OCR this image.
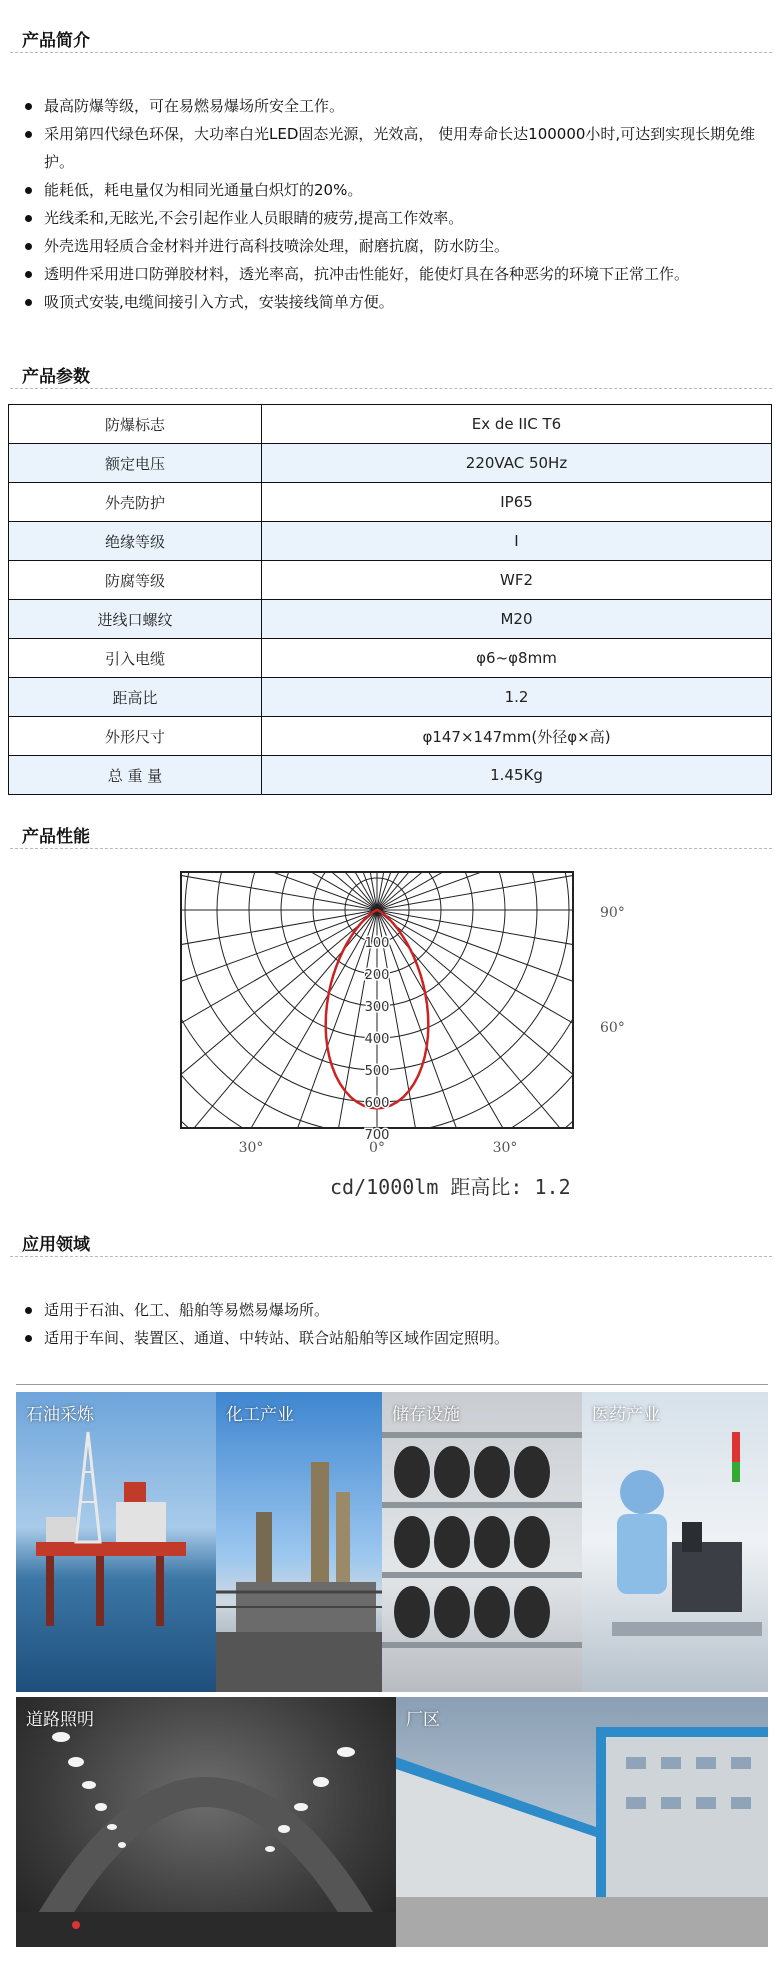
产品简介
最高防爆等级，可在易燃易爆场所安全工作。
采用第四代绿色环保，大功率白光LED固态光源，光效高， 使用寿命长达100000小时,可达到实现长期免维护。
能耗低，耗电量仅为相同光通量白炽灯的20%。
光线柔和,无眩光,不会引起作业人员眼睛的疲劳,提高工作效率。
外壳选用轻质合金材料并进行高科技喷涂处理，耐磨抗腐，防水防尘。
透明件采用进口防弹胶材料，透光率高，抗冲击性能好，能使灯具在各种恶劣的环境下正常工作。
吸顶式安装,电缆间接引入方式，安装接线简单方便。
产品参数
防爆标志	Ex de IIC T6
额定电压	220VAC 50Hz
外壳防护	IP65
绝缘等级	I
防腐等级	WF2
进线口螺纹	M20
引入电缆	φ6~φ8mm
距高比	1.2
外形尺寸	φ147×147mm(外径φ×高)
总 重 量	1.45Kg
产品性能
100
200
300
400
500
600
700
90°
60°
30°	0°	30°
cd/1000lm 距高比: 1.2
应用领域
适用于石油、化工、船舶等易燃易爆场所。
适用于车间、装置区、通道、中转站、联合站船舶等区域作固定照明。
石油采炼	化工产业	储存设施	医药产业
道路照明	厂区
